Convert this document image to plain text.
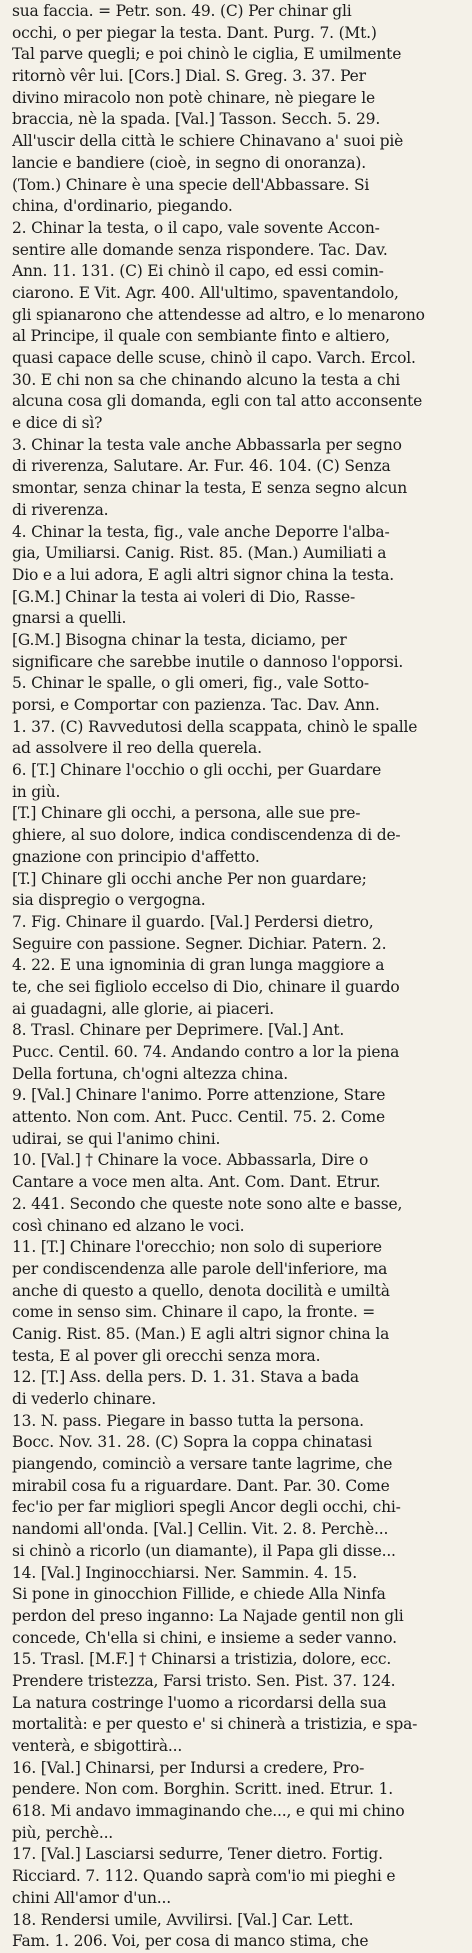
sua faccia. = Petr. son. 49. (C) Per chinar gli
occhi, o per piegar la testa. Dant. Purg. 7. (Mt.)
Tal parve quegli; e poi chinò le ciglia, E umilmente
ritornò vêr lui. [Cors.] Dial. S. Greg. 3. 37. Per
divino miracolo non potè chinare, nè piegare le
braccia, nè la spada. [Val.] Tasson. Secch. 5. 29.
All'uscir della città le schiere Chinavano a' suoi piè
lancie e bandiere (cioè, in segno di onoranza).
(Tom.) Chinare è una specie dell'Abbassare. Si
china, d'ordinario, piegando.
2. Chinar la testa, o il capo, vale sovente Accon-
sentire alle domande senza rispondere. Tac. Dav.
Ann. 11. 131. (C) Ei chinò il capo, ed essi comin-
ciarono. E Vit. Agr. 400. All'ultimo, spaventandolo,
gli spianarono che attendesse ad altro, e lo menarono
al Principe, il quale con sembiante finto e altiero,
quasi capace delle scuse, chinò il capo. Varch. Ercol.
30. E chi non sa che chinando alcuno la testa a chi
alcuna cosa gli domanda, egli con tal atto acconsente
e dice di sì?
3. Chinar la testa vale anche Abbassarla per segno
di riverenza, Salutare. Ar. Fur. 46. 104. (C) Senza
smontar, senza chinar la testa, E senza segno alcun
di riverenza.
4. Chinar la testa, fig., vale anche Deporre l'alba-
gia, Umiliarsi. Canig. Rist. 85. (Man.) Aumiliati a
Dio e a lui adora, E agli altri signor china la testa.
[G.M.] Chinar la testa ai voleri di Dio, Rasse-
gnarsi a quelli.
[G.M.] Bisogna chinar la testa, diciamo, per
significare che sarebbe inutile o dannoso l'opporsi.
5. Chinar le spalle, o gli omeri, fig., vale Sotto-
porsi, e Comportar con pazienza. Tac. Dav. Ann.
1. 37. (C) Ravvedutosi della scappata, chinò le spalle
ad assolvere il reo della querela.
6. [T.] Chinare l'occhio o gli occhi, per Guardare
in giù.
[T.] Chinare gli occhi, a persona, alle sue pre-
ghiere, al suo dolore, indica condiscendenza di de-
gnazione con principio d'affetto.
[T.] Chinare gli occhi anche Per non guardare;
sia dispregio o vergogna.
7. Fig. Chinare il guardo. [Val.] Perdersi dietro,
Seguire con passione. Segner. Dichiar. Patern. 2.
4. 22. E una ignominia di gran lunga maggiore a
te, che sei figliolo eccelso di Dio, chinare il guardo
ai guadagni, alle glorie, ai piaceri.
8. Trasl. Chinare per Deprimere. [Val.] Ant.
Pucc. Centil. 60. 74. Andando contro a lor la piena
Della fortuna, ch'ogni altezza china.
9. [Val.] Chinare l'animo. Porre attenzione, Stare
attento. Non com. Ant. Pucc. Centil. 75. 2. Come
udirai, se qui l'animo chini.
10. [Val.] † Chinare la voce. Abbassarla, Dire o
Cantare a voce men alta. Ant. Com. Dant. Etrur.
2. 441. Secondo che queste note sono alte e basse,
così chinano ed alzano le voci.
11. [T.] Chinare l'orecchio; non solo di superiore
per condiscendenza alle parole dell'inferiore, ma
anche di questo a quello, denota docilità e umiltà
come in senso sim. Chinare il capo, la fronte. =
Canig. Rist. 85. (Man.) E agli altri signor china la
testa, E al pover gli orecchi senza mora.
12. [T.] Ass. della pers. D. 1. 31. Stava a bada
di vederlo chinare.
13. N. pass. Piegare in basso tutta la persona.
Bocc. Nov. 31. 28. (C) Sopra la coppa chinatasi
piangendo, cominciò a versare tante lagrime, che
mirabil cosa fu a riguardare. Dant. Par. 30. Come
fec'io per far migliori spegli Ancor degli occhi, chi-
nandomi all'onda. [Val.] Cellin. Vit. 2. 8. Perchè...
si chinò a ricorlo (un diamante), il Papa gli disse...
14. [Val.] Inginocchiarsi. Ner. Sammin. 4. 15.
Si pone in ginocchion Fillide, e chiede Alla Ninfa
perdon del preso inganno: La Najade gentil non gli
concede, Ch'ella si chini, e insieme a seder vanno.
15. Trasl. [M.F.] † Chinarsi a tristizia, dolore, ecc.
Prendere tristezza, Farsi tristo. Sen. Pist. 37. 124.
La natura costringe l'uomo a ricordarsi della sua
mortalità: e per questo e' si chinerà a tristizia, e spa-
venterà, e sbigottirà...
16. [Val.] Chinarsi, per Indursi a credere, Pro-
pendere. Non com. Borghin. Scritt. ined. Etrur. 1.
618. Mi andavo immaginando che..., e qui mi chino
più, perchè...
17. [Val.] Lasciarsi sedurre, Tener dietro. Fortig.
Ricciard. 7. 112. Quando saprà com'io mi pieghi e
chini All'amor d'un...
18. Rendersi umile, Avvilirsi. [Val.] Car. Lett.
Fam. 1. 206. Voi, per cosa di manco stima, che
